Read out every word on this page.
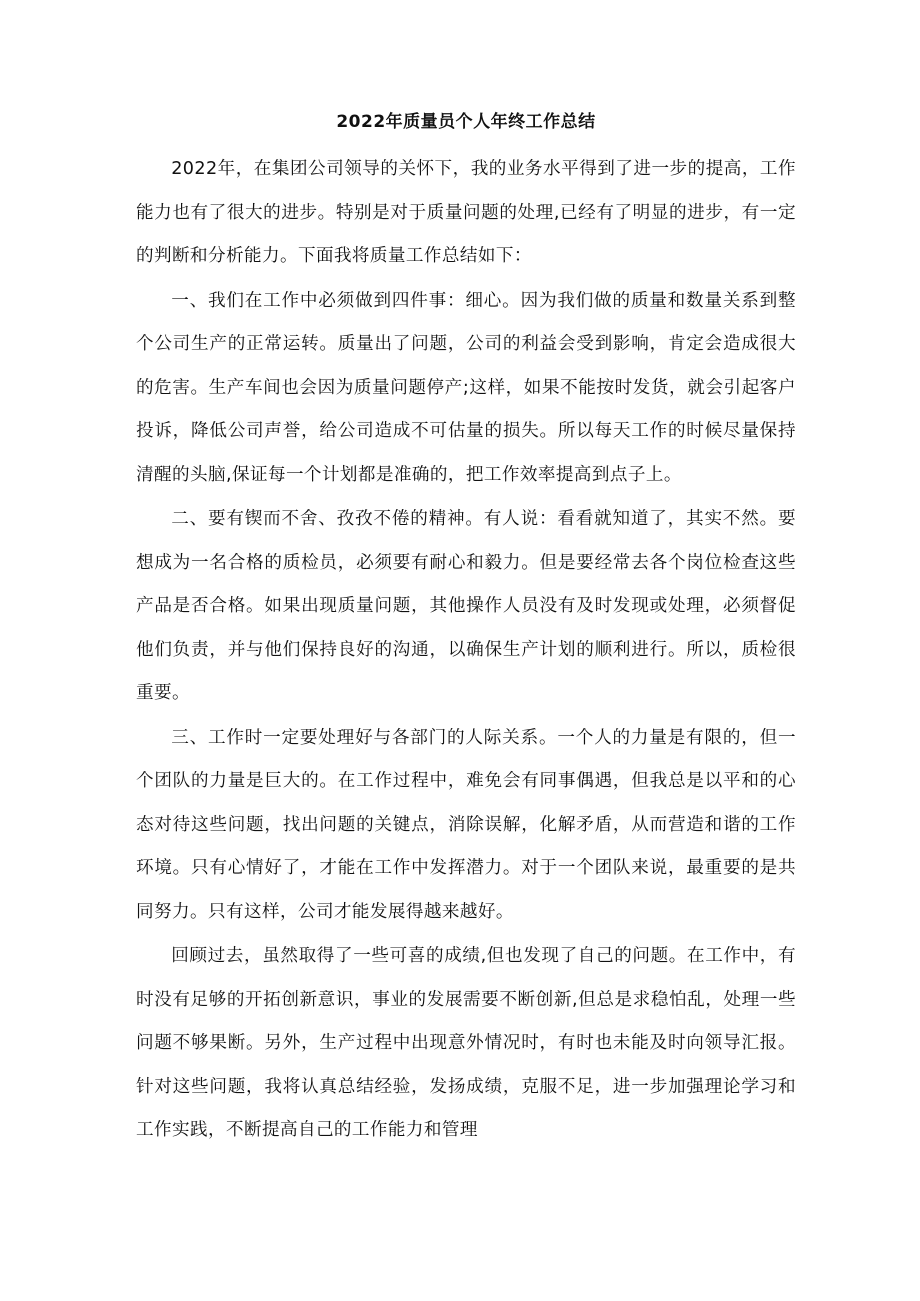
2022年质量员个人年终工作总结

2022年，在集团公司领导的关怀下，我的业务水平得到了进一步的提高，工作能力也有了很大的进步。特别是对于质量问题的处理,已经有了明显的进步，有一定的判断和分析能力。下面我将质量工作总结如下：

一、我们在工作中必须做到四件事：细心。因为我们做的质量和数量关系到整个公司生产的正常运转。质量出了问题，公司的利益会受到影响，肯定会造成很大的危害。生产车间也会因为质量问题停产;这样，如果不能按时发货，就会引起客户投诉，降低公司声誉，给公司造成不可估量的损失。所以每天工作的时候尽量保持清醒的头脑,保证每一个计划都是准确的，把工作效率提高到点子上。

二、要有锲而不舍、孜孜不倦的精神。有人说：看看就知道了，其实不然。要想成为一名合格的质检员，必须要有耐心和毅力。但是要经常去各个岗位检查这些产品是否合格。如果出现质量问题，其他操作人员没有及时发现或处理，必须督促他们负责，并与他们保持良好的沟通，以确保生产计划的顺利进行。所以，质检很重要。

三、工作时一定要处理好与各部门的人际关系。一个人的力量是有限的，但一个团队的力量是巨大的。在工作过程中，难免会有同事偶遇，但我总是以平和的心态对待这些问题，找出问题的关键点，消除误解，化解矛盾，从而营造和谐的工作环境。只有心情好了，才能在工作中发挥潜力。对于一个团队来说，最重要的是共同努力。只有这样，公司才能发展得越来越好。

回顾过去，虽然取得了一些可喜的成绩,但也发现了自己的问题。在工作中，有时没有足够的开拓创新意识，事业的发展需要不断创新,但总是求稳怕乱，处理一些问题不够果断。另外，生产过程中出现意外情况时，有时也未能及时向领导汇报。针对这些问题，我将认真总结经验，发扬成绩，克服不足，进一步加强理论学习和工作实践，不断提高自己的工作能力和管理
